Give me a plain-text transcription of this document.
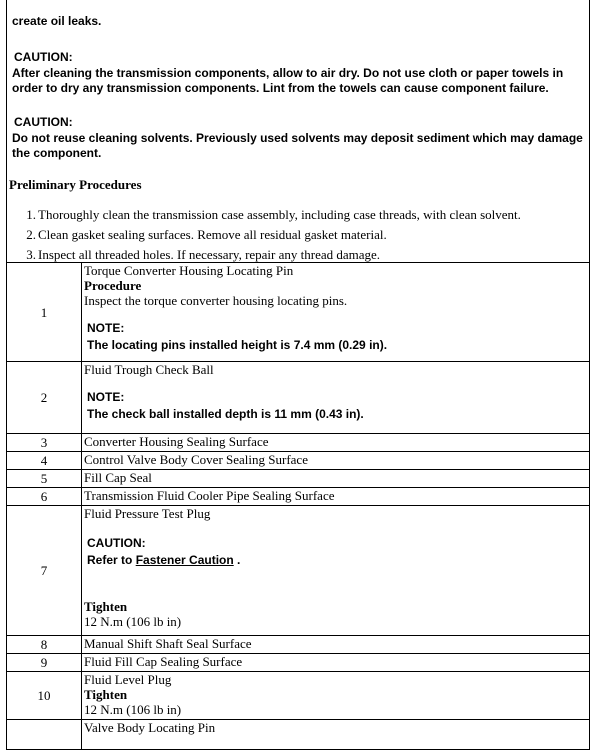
create oil leaks.
CAUTION:
After cleaning the transmission components, allow to air dry. Do not use cloth or paper towels in order to dry any transmission components. Lint from the towels can cause component failure.
CAUTION:
Do not reuse cleaning solvents. Previously used solvents may deposit sediment which may damage the component.
Preliminary Procedures
1. Thoroughly clean the transmission case assembly, including case threads, with clean solvent.
2. Clean gasket sealing surfaces. Remove all residual gasket material.
3. Inspect all threaded holes. If necessary, repair any thread damage.
1	Torque Converter Housing Locating Pin
Procedure
Inspect the torque converter housing locating pins.
NOTE:
The locating pins installed height is 7.4 mm (0.29 in).

2	Fluid Trough Check Ball
NOTE:
The check ball installed depth is 11 mm (0.43 in).

3	Converter Housing Sealing Surface
4	Control Valve Body Cover Sealing Surface
5	Fill Cap Seal
6	Transmission Fluid Cooler Pipe Sealing Surface
7	Fluid Pressure Test Plug
CAUTION:
Refer to Fastener Caution .
Tighten
12 N.m (106 lb in)

8	Manual Shift Shaft Seal Surface
9	Fluid Fill Cap Sealing Surface
10	Fluid Level Plug
Tighten
12 N.m (106 lb in)

	Valve Body Locating Pin
